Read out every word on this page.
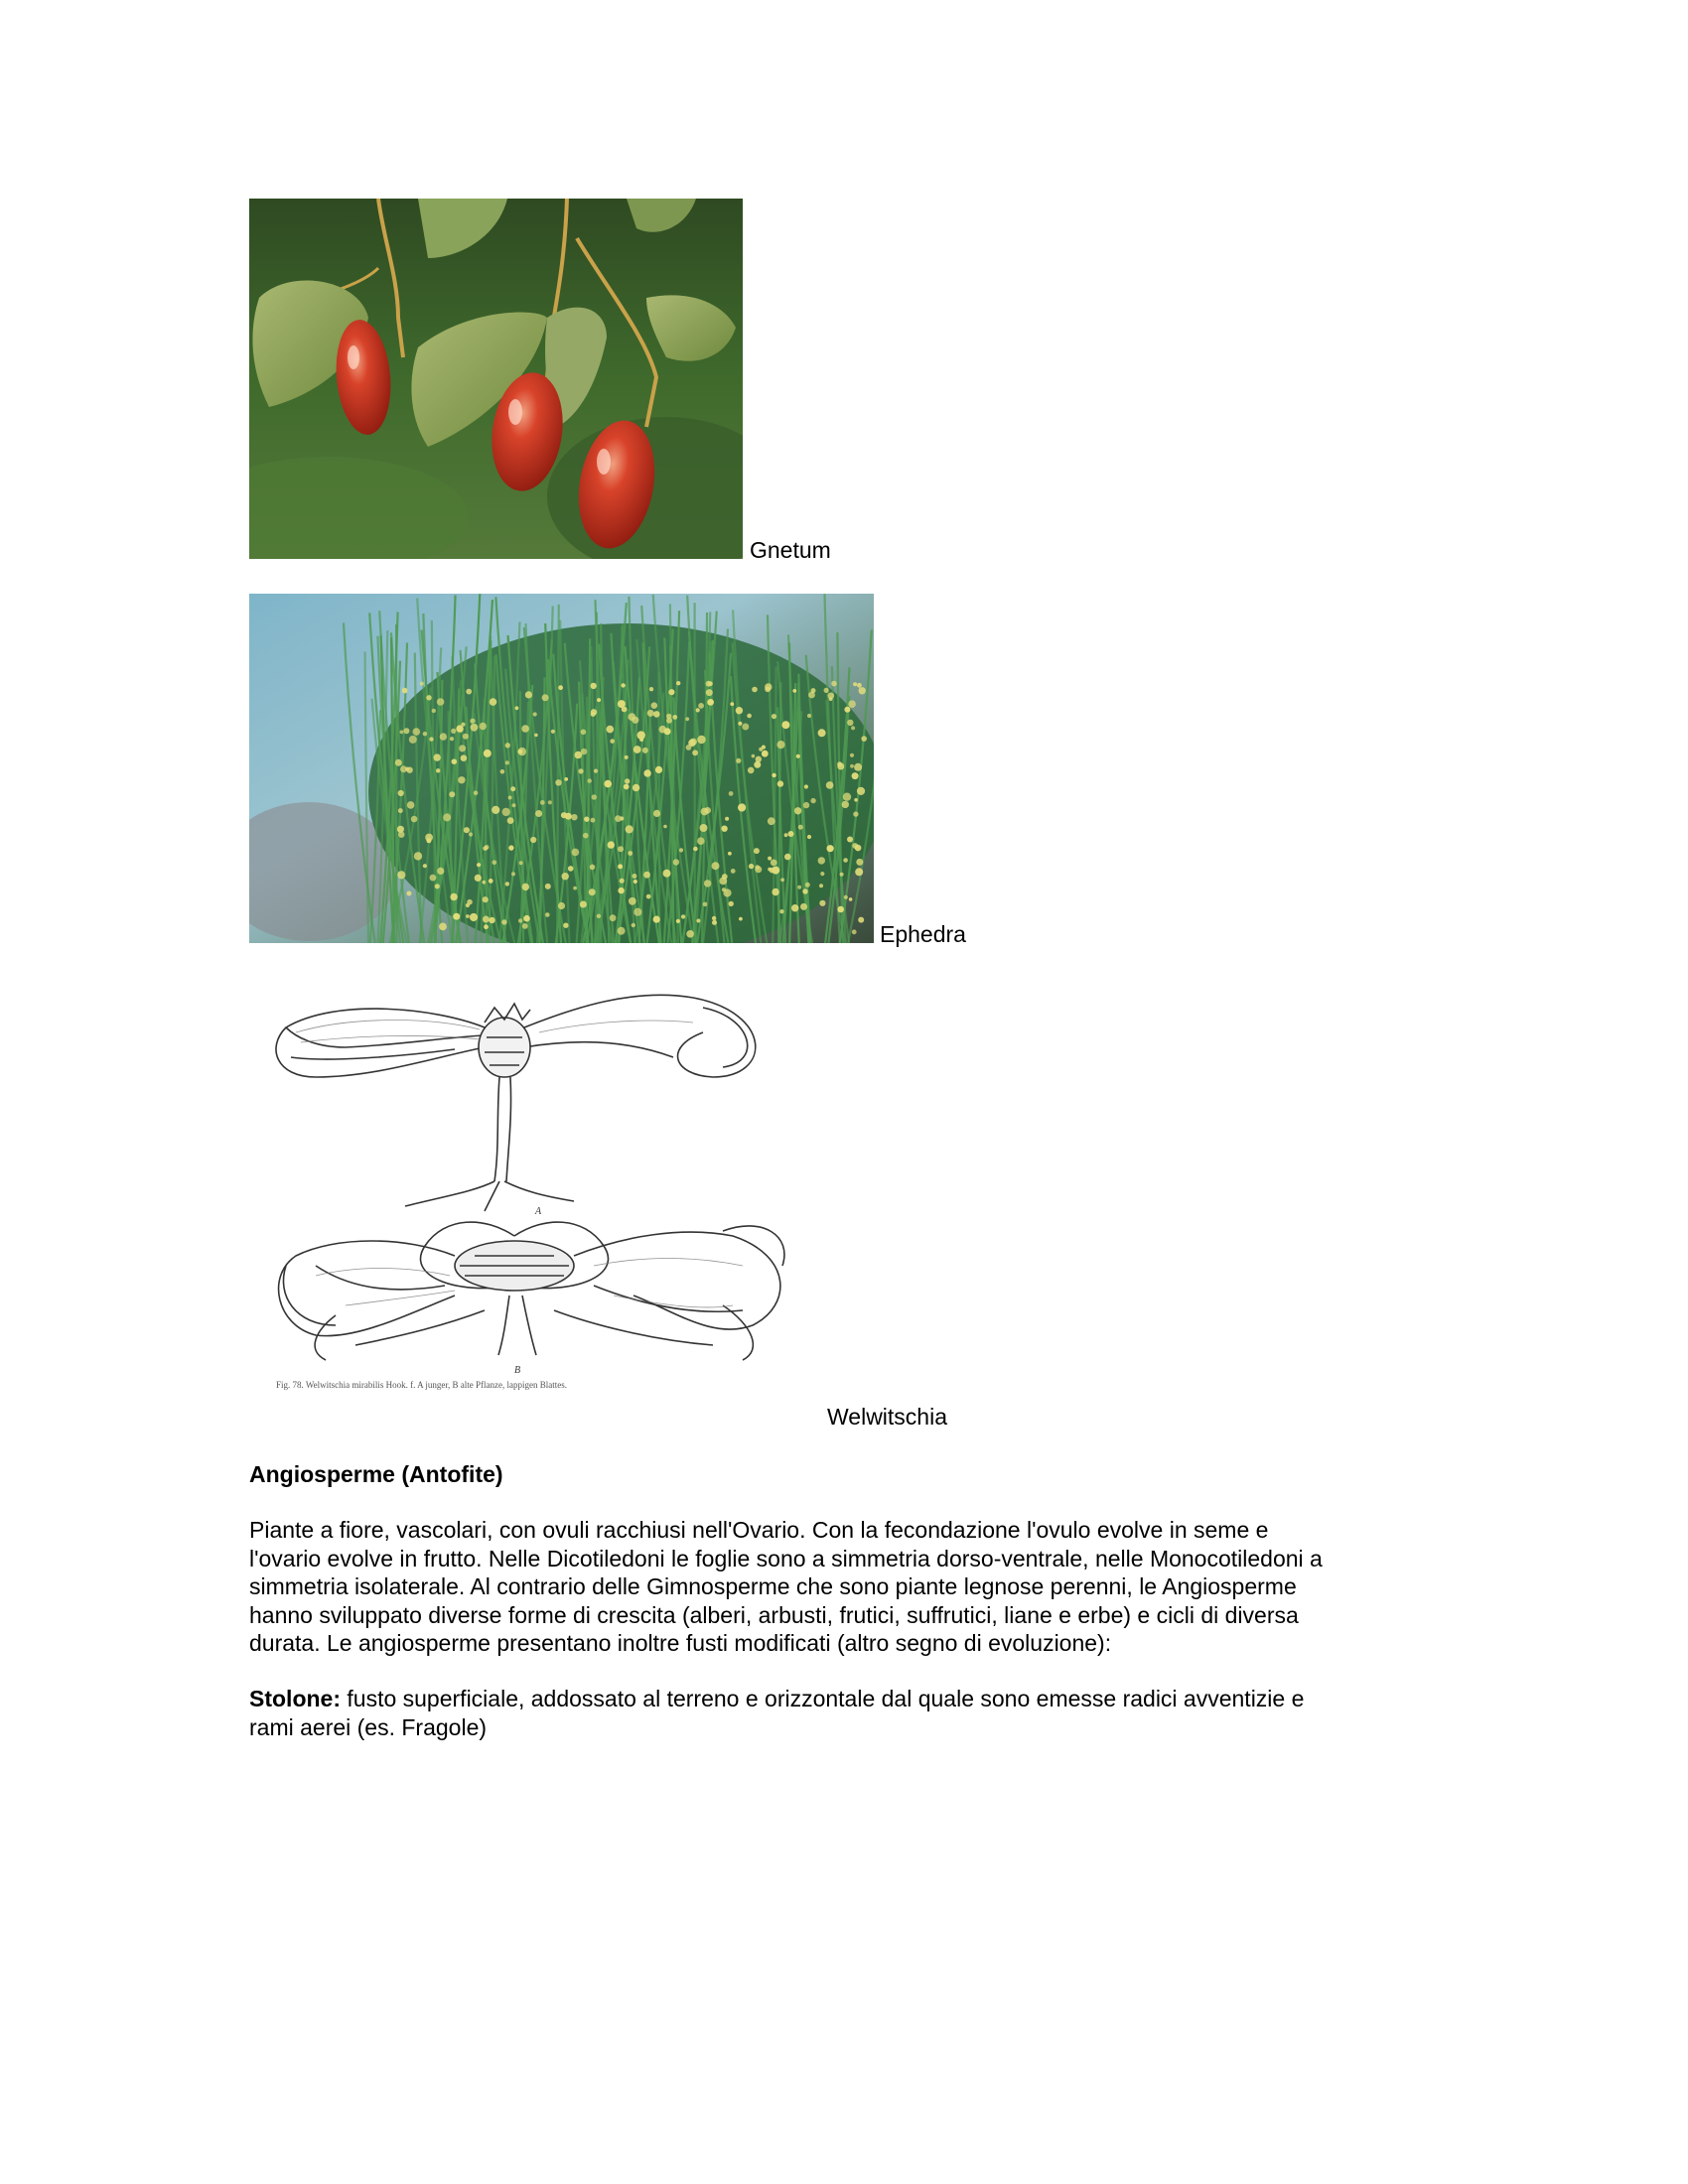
Gnetum
Ephedra
A
B
Fig. 78. Welwitschia mirabilis Hook. f. A junger, B alte Pflanze, lappigen Blattes.
Welwitschia
Angiosperme (Antofite)
Piante a fiore, vascolari, con ovuli racchiusi nell'Ovario. Con la fecondazione l'ovulo evolve in seme e
l'ovario evolve in frutto. Nelle Dicotiledoni le foglie sono a simmetria dorso-ventrale, nelle Monocotiledoni a
simmetria isolaterale. Al contrario delle Gimnosperme che sono piante legnose perenni, le Angiosperme
hanno sviluppato diverse forme di crescita (alberi, arbusti, frutici, suffrutici, liane e erbe) e cicli di diversa
durata. Le angiosperme presentano inoltre fusti modificati (altro segno di evoluzione):
Stolone: fusto superficiale, addossato al terreno e orizzontale dal quale sono emesse radici avventizie e
rami aerei (es. Fragole)
